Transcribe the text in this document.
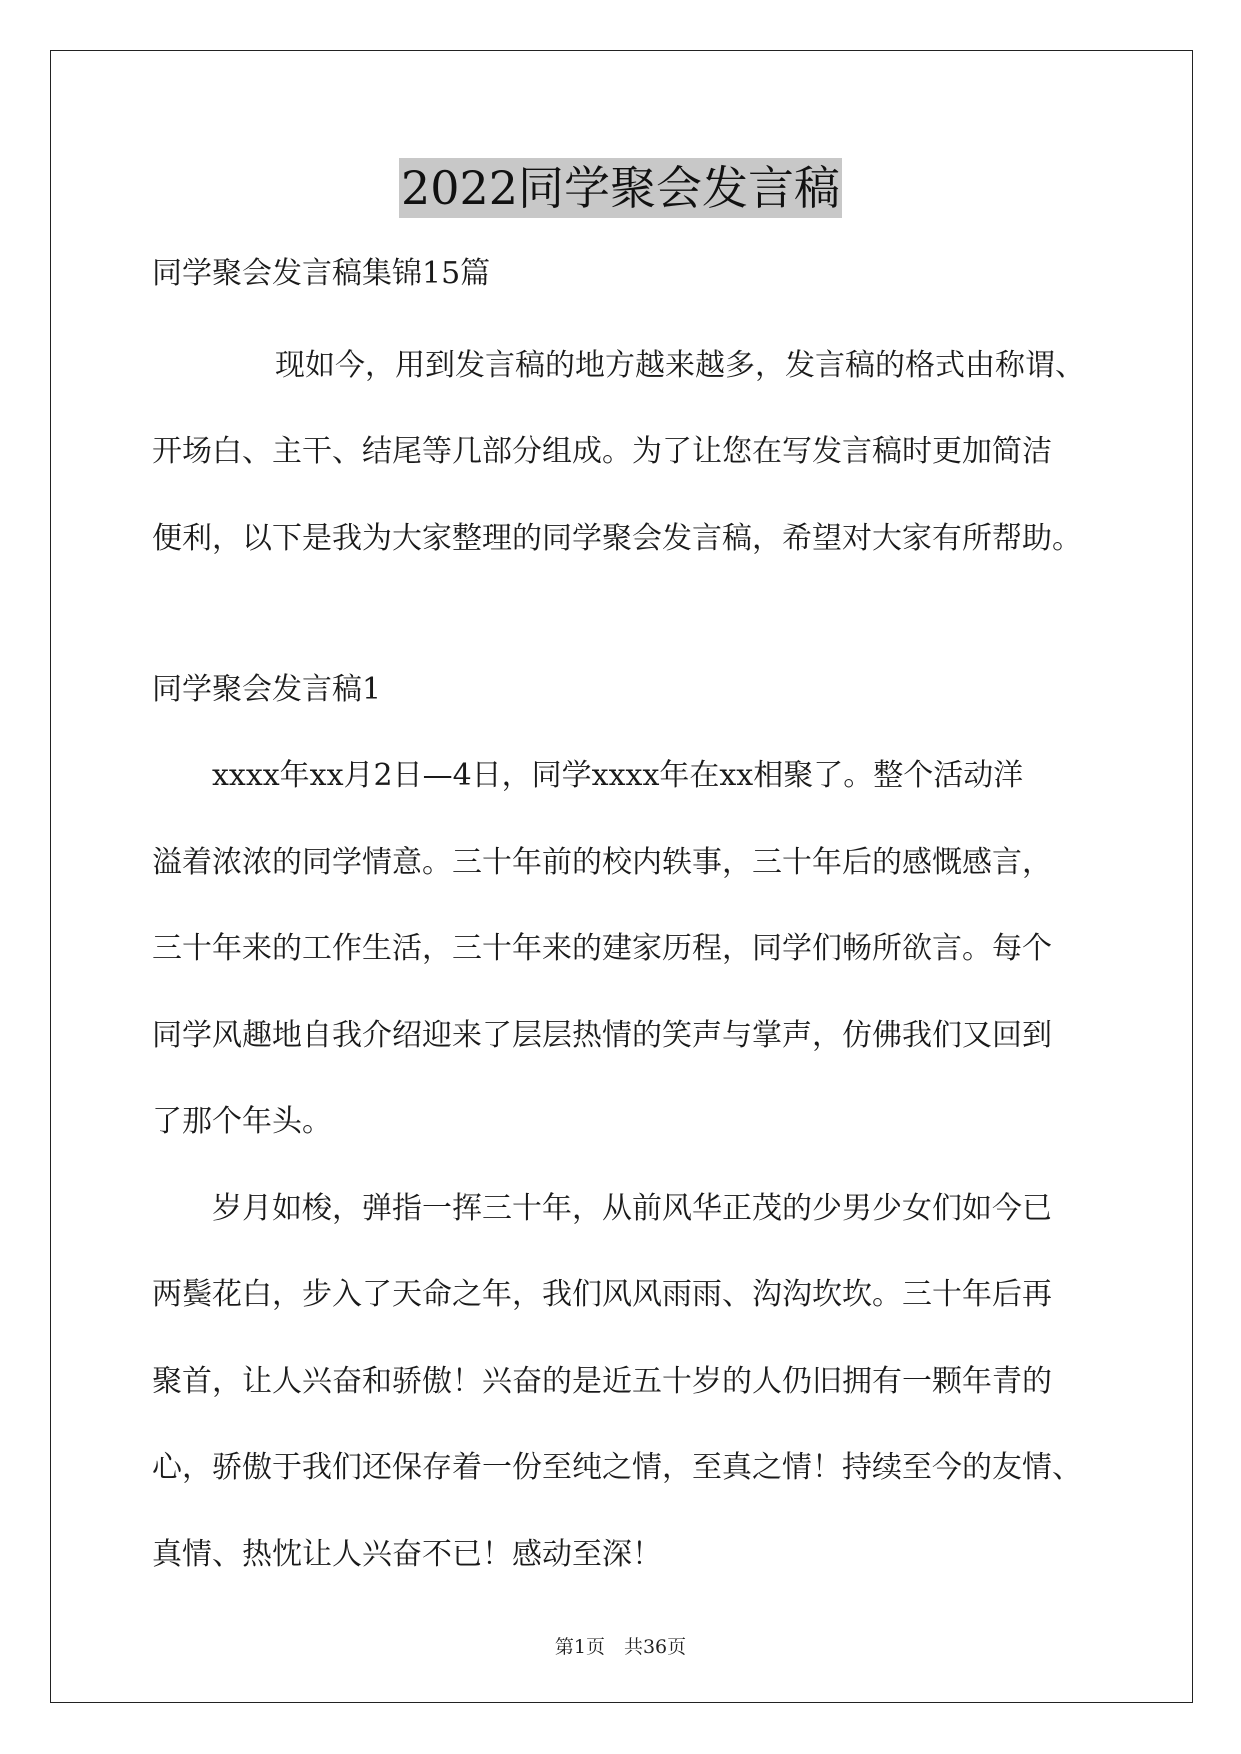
2022同学聚会发言稿
同学聚会发言稿集锦15篇
现如今，用到发言稿的地方越来越多，发言稿的格式由称谓、
开场白、主干、结尾等几部分组成。为了让您在写发言稿时更加简洁
便利，以下是我为大家整理的同学聚会发言稿，希望对大家有所帮助。
同学聚会发言稿1
xxxx年xx月2日—4日，同学xxxx年在xx相聚了。整个活动洋
溢着浓浓的同学情意。三十年前的校内轶事，三十年后的感慨感言，
三十年来的工作生活，三十年来的建家历程，同学们畅所欲言。每个
同学风趣地自我介绍迎来了层层热情的笑声与掌声，仿佛我们又回到
了那个年头。
岁月如梭，弹指一挥三十年，从前风华正茂的少男少女们如今已
两鬓花白，步入了天命之年，我们风风雨雨、沟沟坎坎。三十年后再
聚首，让人兴奋和骄傲！兴奋的是近五十岁的人仍旧拥有一颗年青的
心，骄傲于我们还保存着一份至纯之情，至真之情！持续至今的友情、
真情、热忱让人兴奋不已！感动至深！
第1页　共36页
